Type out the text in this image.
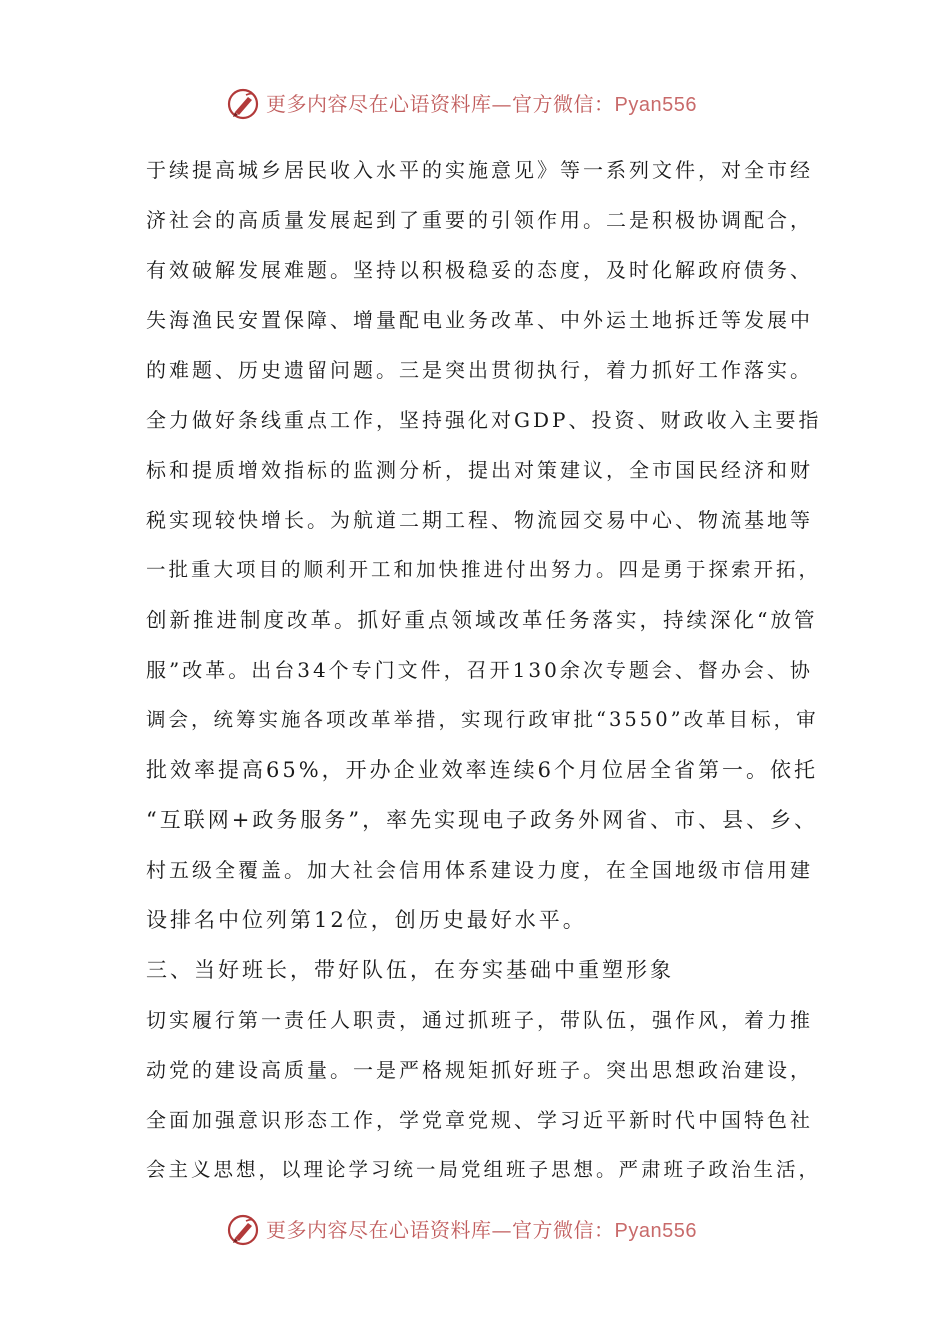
更多内容尽在心语资料库—官方微信：Pyan556
于续提高城乡居民收入水平的实施意见》等一系列文件，对全市经
济社会的高质量发展起到了重要的引领作用。二是积极协调配合，
有效破解发展难题。坚持以积极稳妥的态度，及时化解政府债务、
失海渔民安置保障、增量配电业务改革、中外运土地拆迁等发展中
的难题、历史遗留问题。三是突出贯彻执行，着力抓好工作落实。
全力做好条线重点工作，坚持强化对GDP、投资、财政收入主要指
标和提质增效指标的监测分析，提出对策建议，全市国民经济和财
税实现较快增长。为航道二期工程、物流园交易中心、物流基地等
一批重大项目的顺利开工和加快推进付出努力。四是勇于探索开拓，
创新推进制度改革。抓好重点领域改革任务落实，持续深化“放管
服”改革。出台34个专门文件，召开130余次专题会、督办会、协
调会，统筹实施各项改革举措，实现行政审批“3550”改革目标，审
批效率提高65%，开办企业效率连续6个月位居全省第一。依托
“互联网+政务服务”，率先实现电子政务外网省、市、县、乡、
村五级全覆盖。加大社会信用体系建设力度，在全国地级市信用建
设排名中位列第12位，创历史最好水平。
三、当好班长，带好队伍，在夯实基础中重塑形象
切实履行第一责任人职责，通过抓班子，带队伍，强作风，着力推
动党的建设高质量。一是严格规矩抓好班子。突出思想政治建设，
全面加强意识形态工作，学党章党规、学习近平新时代中国特色社
会主义思想，以理论学习统一局党组班子思想。严肃班子政治生活，
更多内容尽在心语资料库—官方微信：Pyan556
